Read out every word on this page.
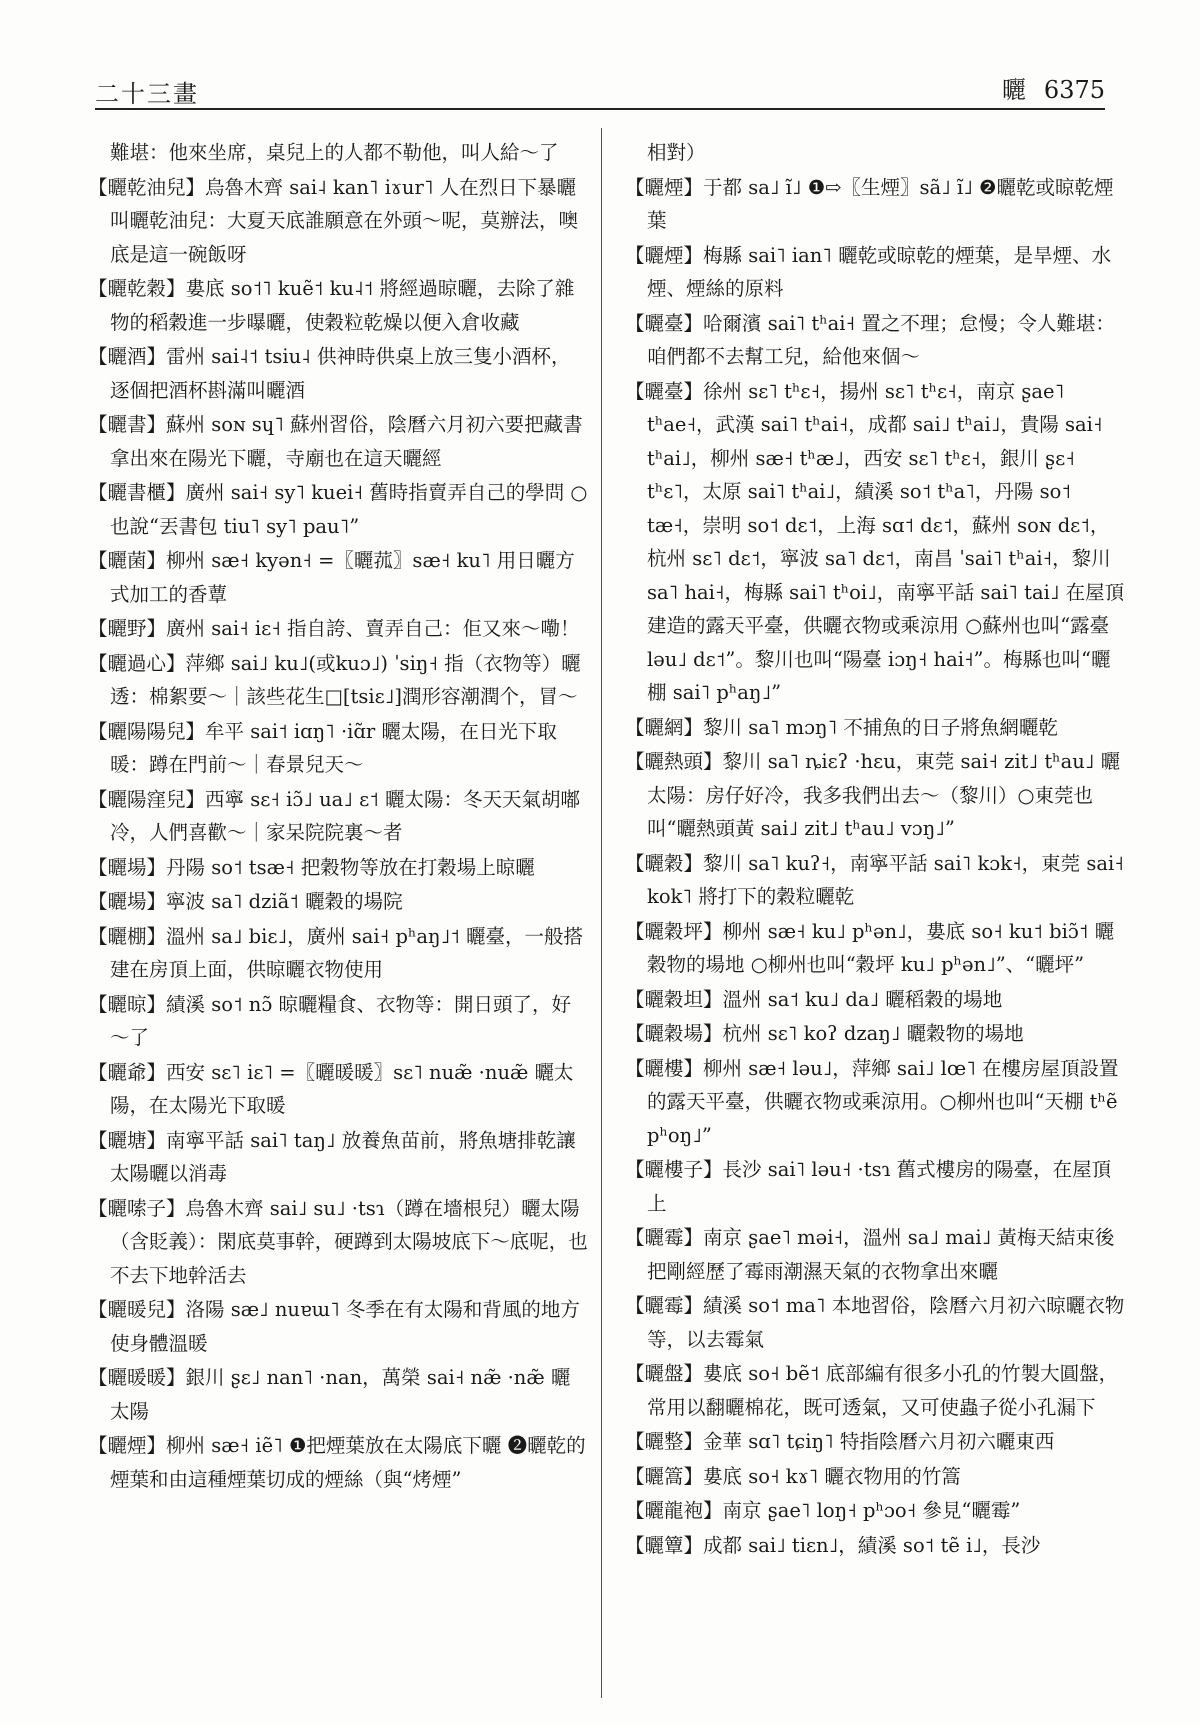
二十三畫	曬 6375

難堪：他來坐席，桌兒上的人都不勒他，叫人給～了

【曬乾油兒】烏魯木齊 sai˨ kan˥ iɤur˥ 人在烈日下暴曬叫曬乾油兒：大夏天底誰願意在外頭～呢，莫辦法，噢底是這一碗飯呀

【曬乾穀】婁底 so˦˥ kuẽ˦ ku˨˦ 將經過晾曬，去除了雜物的稻穀進一步曝曬，使穀粒乾燥以便入倉收藏

【曬酒】雷州 sai˨˦ tsiu˨ 供神時供桌上放三隻小酒杯，逐個把酒杯斟滿叫曬酒

【曬書】蘇州 soɴ sɥ˥ 蘇州習俗，陰曆六月初六要把藏書拿出來在陽光下曬，寺廟也在這天曬經

【曬書櫃】廣州 sai˧ sy˥ kuei˧ 舊時指賣弄自己的學問 ○也說“丟書包 tiu˥ sy˥ pau˥”

【曬菌】柳州 sæ˧ kyən˧ =〖曬菰〗sæ˧ ku˥ 用日曬方式加工的香蕈

【曬野】廣州 sai˧ iɛ˧ 指自誇、賣弄自己：佢又來～嘞！

【曬過心】萍鄉 sai˩ ku˩(或kuɔ˩) ˈsiŋ˧ 指（衣物等）曬透：棉絮要～｜該些花生□[tsiɛ˩]潤形容潮潤个，冒～

【曬陽陽兒】牟平 sai˦ iɑŋ˥ ·iɑ̃r 曬太陽，在日光下取暖：蹲在門前～｜春景兒天～

【曬陽窪兒】西寧 sɛ˧ iɔ̃˩ ua˩ ɛ˦ 曬太陽：冬天天氣胡嘟冷，人們喜歡～｜家呆院院裏～者

【曬場】丹陽 so˦ tsæ˧ 把穀物等放在打穀場上晾曬

【曬場】寧波 sa˥ dziã˦ 曬穀的場院

【曬棚】溫州 sa˩ biɛ˩，廣州 sai˧ pʰaŋ˩˦ 曬臺，一般搭建在房頂上面，供晾曬衣物使用

【曬晾】績溪 so˦ nɔ̃ 晾曬糧食、衣物等：開日頭了，好～了

【曬爺】西安 sɛ˥ iɛ˥ =〖曬暖暖〗sɛ˥ nuæ̃ ·nuæ̃ 曬太陽，在太陽光下取暖

【曬塘】南寧平話 sai˥ taŋ˩ 放養魚苗前，將魚塘排乾讓太陽曬以消毒

【曬嗦子】烏魯木齊 sai˩ su˩ ·tsɿ（蹲在墻根兒）曬太陽（含貶義）：閑底莫事幹，硬蹲到太陽坡底下～底呢，也不去下地幹活去

【曬暖兒】洛陽 sæ˩ nuɐɯ˥ 冬季在有太陽和背風的地方使身體溫暖

【曬暖暖】銀川 ʂɛ˩ nan˥ ·nan，萬榮 sai˧ næ̃ ·næ̃ 曬太陽

【曬煙】柳州 sæ˧ iẽ˥ ❶把煙葉放在太陽底下曬 ❷曬乾的煙葉和由這種煙葉切成的煙絲（與“烤煙”

相對）

【曬煙】于都 sa˩ ĩ˩ ❶⇨〖生煙〗sã˩ ĩ˩ ❷曬乾或晾乾煙葉

【曬煙】梅縣 sai˥ ian˥ 曬乾或晾乾的煙葉，是旱煙、水煙、煙絲的原料

【曬臺】哈爾濱 sai˥ tʰai˧ 置之不理；怠慢；令人難堪：咱們都不去幫工兒，給他來個～

【曬臺】徐州 sɛ˥ tʰɛ˧，揚州 sɛ˥ tʰɛ˧，南京 ʂae˥ tʰae˧，武漢 sai˥ tʰai˧，成都 sai˩ tʰai˩，貴陽 sai˧ tʰai˩，柳州 sæ˧ tʰæ˩，西安 sɛ˥ tʰɛ˧，銀川 ʂɛ˧ tʰɛ˥，太原 sai˥ tʰai˩，績溪 so˦ tʰa˥，丹陽 so˦ tæ˧，崇明 so˦ dɛ˦，上海 sɑ˦ dɛ˦，蘇州 soɴ dɛ˦，杭州 sɛ˥ dɛ˦，寧波 sa˥ dɛ˦，南昌 ˈsai˥ tʰai˧，黎川 sa˥ hai˧，梅縣 sai˥ tʰoi˩，南寧平話 sai˥ tai˩ 在屋頂建造的露天平臺，供曬衣物或乘涼用 ○蘇州也叫“露臺 ləu˩ dɛ˦”。黎川也叫“陽臺 iɔŋ˧ hai˧”。梅縣也叫“曬棚 sai˥ pʰaŋ˩”

【曬網】黎川 sa˥ mɔŋ˥ 不捕魚的日子將魚網曬乾

【曬熱頭】黎川 sa˥ ȵiɛʔ ·hɛu，東莞 sai˧ zit˩ tʰau˩ 曬太陽：房仔好冷，我多我們出去～（黎川）○東莞也叫“曬熱頭黃 sai˩ zit˩ tʰau˩ vɔŋ˩”

【曬穀】黎川 sa˥ kuʔ˧，南寧平話 sai˥ kɔk˧，東莞 sai˧ kok˥ 將打下的穀粒曬乾

【曬穀坪】柳州 sæ˧ ku˩ pʰən˩，婁底 so˧ ku˦ biɔ̃˦ 曬穀物的場地 ○柳州也叫“穀坪 ku˩ pʰən˩”、“曬坪”

【曬穀坦】溫州 sa˦ ku˩ da˩ 曬稻穀的場地

【曬穀場】杭州 sɛ˥ koʔ dzaŋ˩ 曬穀物的場地

【曬樓】柳州 sæ˧ ləu˩，萍鄉 sai˩ lœ˥ 在樓房屋頂設置的露天平臺，供曬衣物或乘涼用。○柳州也叫“天棚 tʰẽ pʰoŋ˩”

【曬樓子】長沙 sai˥ ləu˧ ·tsɿ 舊式樓房的陽臺，在屋頂上

【曬霉】南京 ʂae˥ məi˧，溫州 sa˩ mai˩ 黃梅天結束後把剛經歷了霉雨潮濕天氣的衣物拿出來曬

【曬霉】績溪 so˦ ma˥ 本地習俗，陰曆六月初六晾曬衣物等，以去霉氣

【曬盤】婁底 so˧ bẽ˦ 底部編有很多小孔的竹製大圓盤，常用以翻曬棉花，既可透氣，又可使蟲子從小孔漏下

【曬整】金華 sɑ˥ tɕiŋ˥ 特指陰曆六月初六曬東西

【曬篙】婁底 so˧ kɤ˥ 曬衣物用的竹篙

【曬龍袍】南京 ʂae˥ loŋ˧ pʰɔo˧ 參見“曬霉”

【曬簟】成都 sai˩ tiɛn˩，績溪 so˦ tẽ i˩，長沙
